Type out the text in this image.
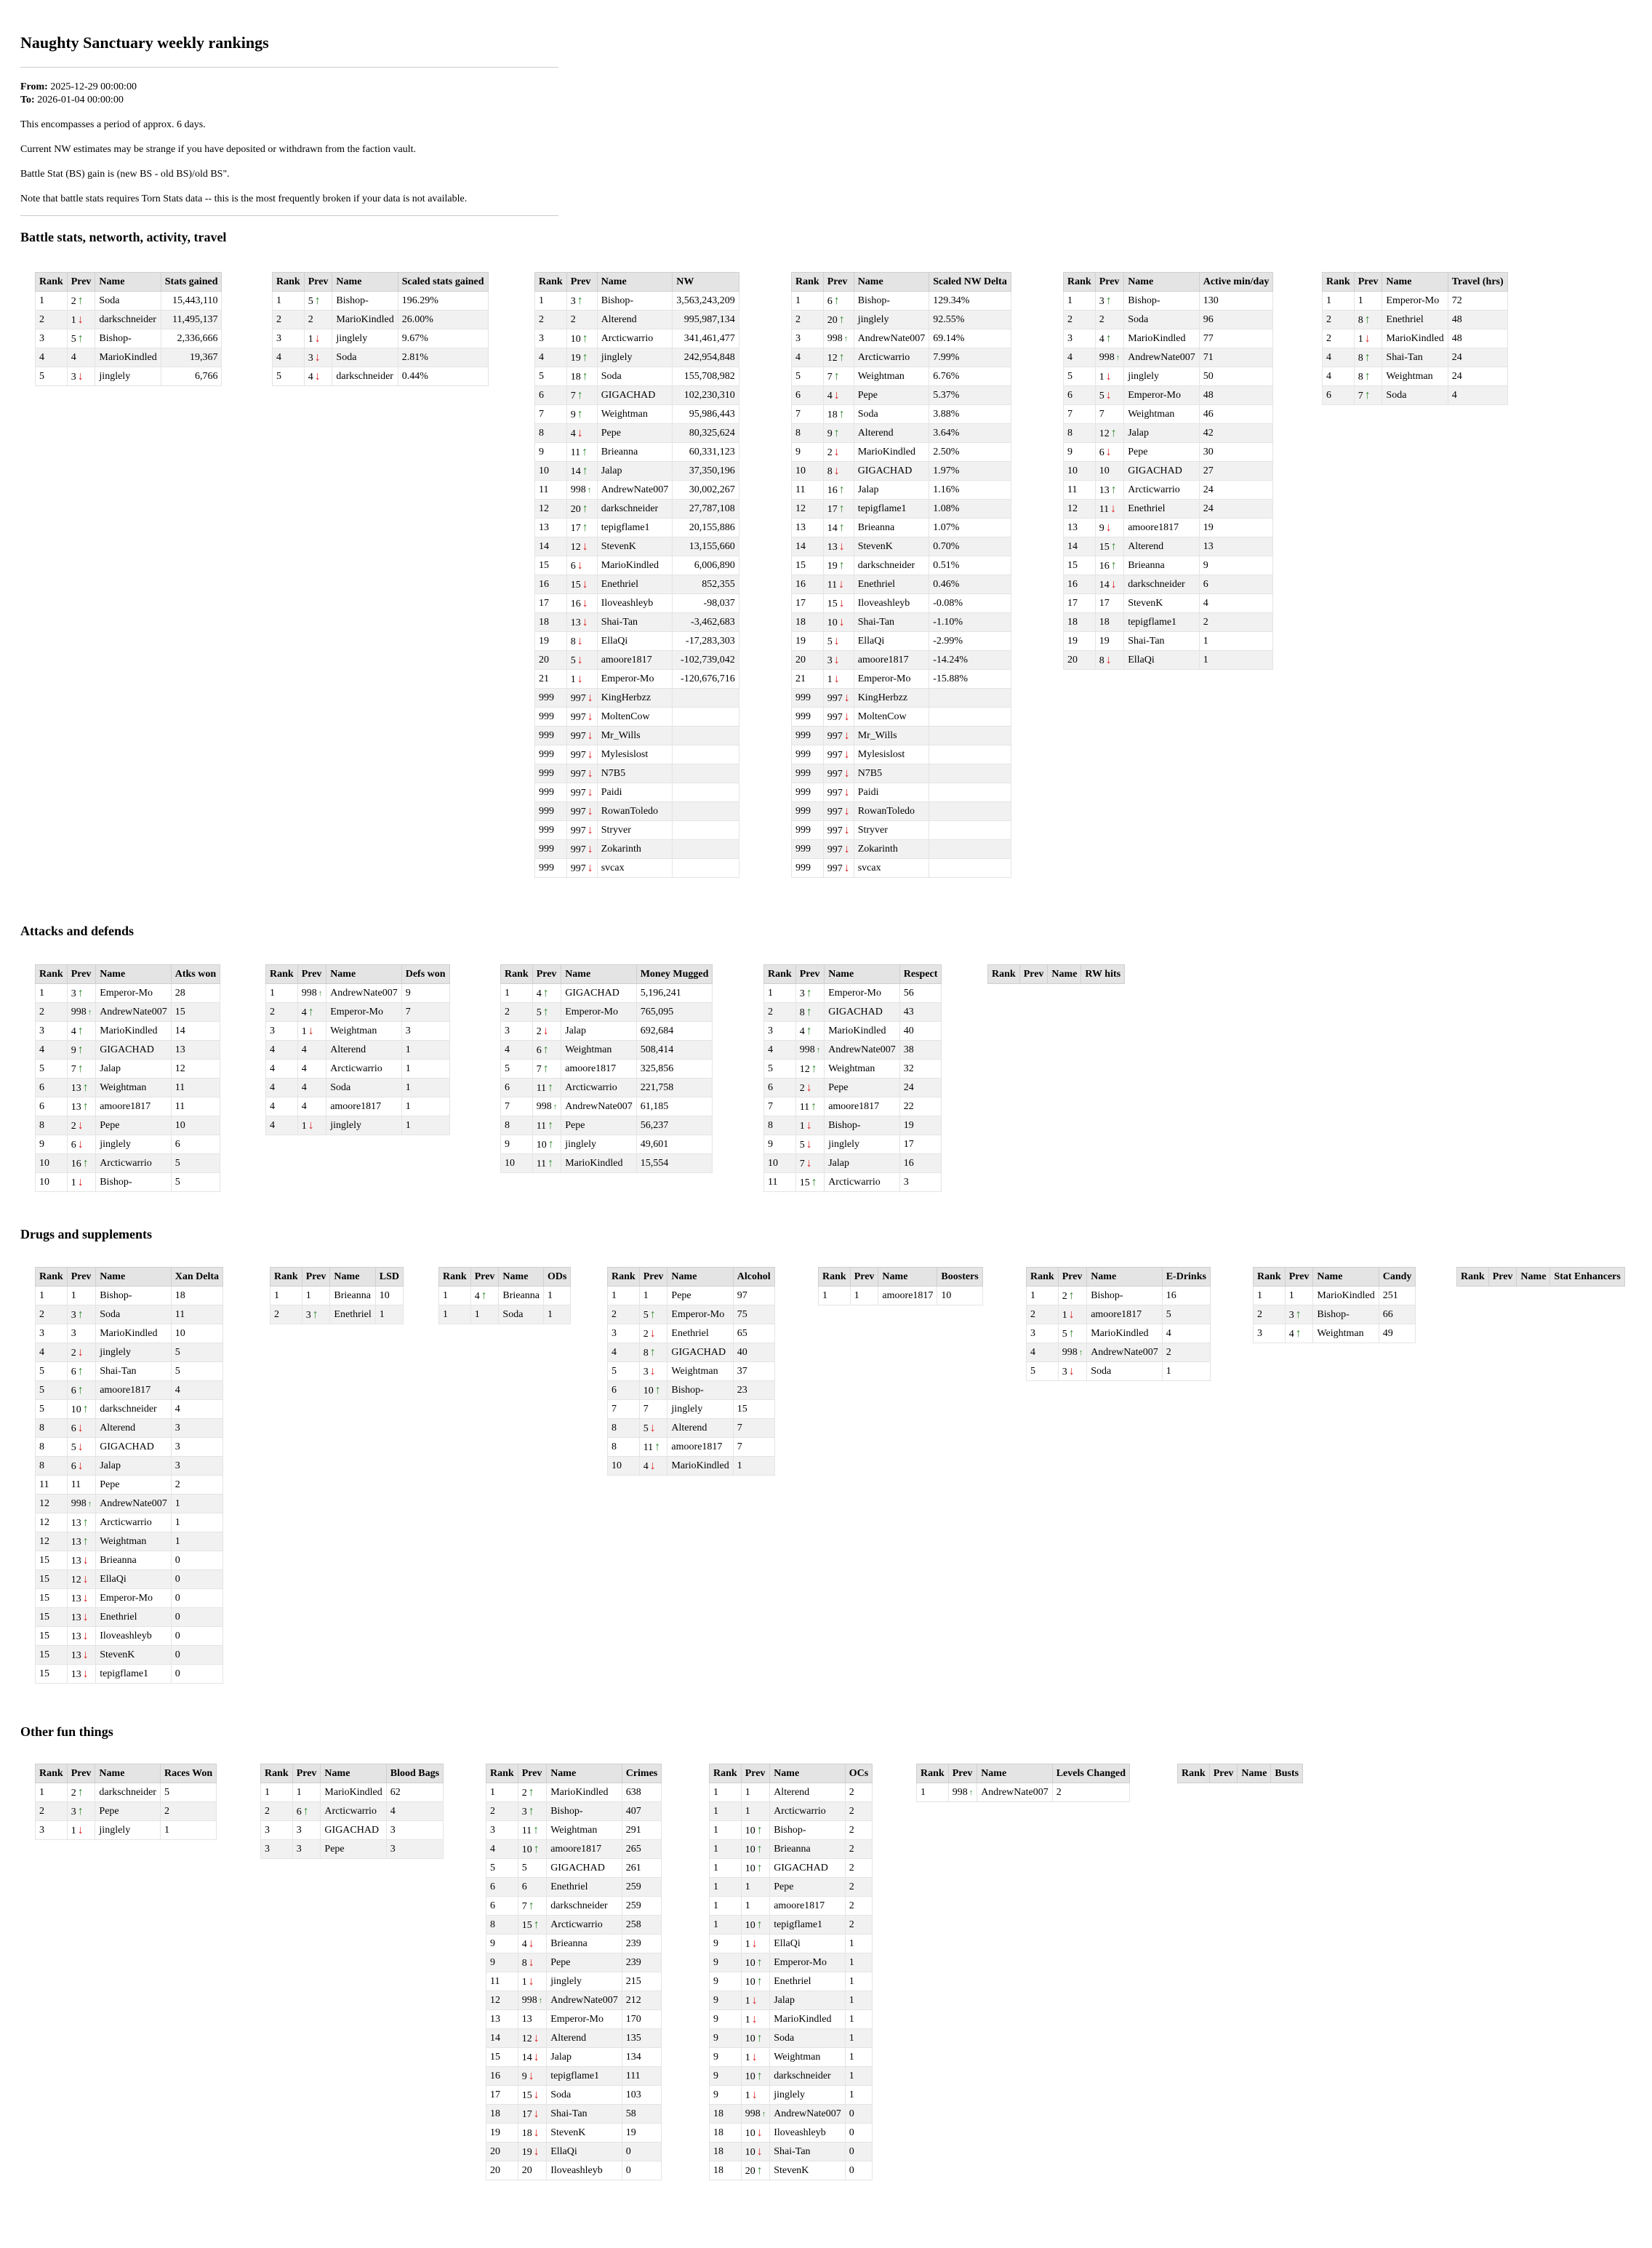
Naughty Sanctuary weekly rankings

From: 2025-12-29 00:00:00

To: 2026-01-04 00:00:00

This encompasses a period of approx. 6 days.

Current NW estimates may be strange if you have deposited or withdrawn from the faction vault.

Battle Stat (BS) gain is (new BS - old BS)/old BS".

Note that battle stats requires Torn Stats data -- this is the most frequently broken if your data is not available.

Battle stats, networth, activity, travel
Attacks and defends
Drugs and supplements
Other fun things
Rank	Prev	Name	Stats gained
1	2 ↑	Soda	15,443,110
2	1 ↓	darkschneider	11,495,137
3	5 ↑	Bishop-	2,336,666
4	4	MarioKindled	19,367
5	3 ↓	jinglely	6,766
Rank	Prev	Name	Scaled stats gained
1	5 ↑	Bishop-	196.29%
2	2	MarioKindled	26.00%
3	1 ↓	jinglely	9.67%
4	3 ↓	Soda	2.81%
5	4 ↓	darkschneider	0.44%
Rank	Prev	Name	NW
1	3 ↑	Bishop-	3,563,243,209
2	2	Alterend	995,987,134
3	10 ↑	Arcticwarrio	341,461,477
4	19 ↑	jinglely	242,954,848
5	18 ↑	Soda	155,708,982
6	7 ↑	GIGACHAD	102,230,310
7	9 ↑	Weightman	95,986,443
8	4 ↓	Pepe	80,325,624
9	11 ↑	Brieanna	60,331,123
10	14 ↑	Jalap	37,350,196
11	998 ↑	AndrewNate007	30,002,267
12	20 ↑	darkschneider	27,787,108
13	17 ↑	tepigflame1	20,155,886
14	12 ↓	StevenK	13,155,660
15	6 ↓	MarioKindled	6,006,890
16	15 ↓	Enethriel	852,355
17	16 ↓	Iloveashleyb	-98,037
18	13 ↓	Shai-Tan	-3,462,683
19	8 ↓	EllaQi	-17,283,303
20	5 ↓	amoore1817	-102,739,042
21	1 ↓	Emperor-Mo	-120,676,716
999	997 ↓	KingHerbzz	
999	997 ↓	MoltenCow	
999	997 ↓	Mr_Wills	
999	997 ↓	Mylesislost	
999	997 ↓	N7B5	
999	997 ↓	Paidi	
999	997 ↓	RowanToledo	
999	997 ↓	Stryver	
999	997 ↓	Zokarinth	
999	997 ↓	svcax	
Rank	Prev	Name	Scaled NW Delta
1	6 ↑	Bishop-	129.34%
2	20 ↑	jinglely	92.55%
3	998 ↑	AndrewNate007	69.14%
4	12 ↑	Arcticwarrio	7.99%
5	7 ↑	Weightman	6.76%
6	4 ↓	Pepe	5.37%
7	18 ↑	Soda	3.88%
8	9 ↑	Alterend	3.64%
9	2 ↓	MarioKindled	2.50%
10	8 ↓	GIGACHAD	1.97%
11	16 ↑	Jalap	1.16%
12	17 ↑	tepigflame1	1.08%
13	14 ↑	Brieanna	1.07%
14	13 ↓	StevenK	0.70%
15	19 ↑	darkschneider	0.51%
16	11 ↓	Enethriel	0.46%
17	15 ↓	Iloveashleyb	-0.08%
18	10 ↓	Shai-Tan	-1.10%
19	5 ↓	EllaQi	-2.99%
20	3 ↓	amoore1817	-14.24%
21	1 ↓	Emperor-Mo	-15.88%
999	997 ↓	KingHerbzz	
999	997 ↓	MoltenCow	
999	997 ↓	Mr_Wills	
999	997 ↓	Mylesislost	
999	997 ↓	N7B5	
999	997 ↓	Paidi	
999	997 ↓	RowanToledo	
999	997 ↓	Stryver	
999	997 ↓	Zokarinth	
999	997 ↓	svcax	
Rank	Prev	Name	Active min/day
1	3 ↑	Bishop-	130
2	2	Soda	96
3	4 ↑	MarioKindled	77
4	998 ↑	AndrewNate007	71
5	1 ↓	jinglely	50
6	5 ↓	Emperor-Mo	48
7	7	Weightman	46
8	12 ↑	Jalap	42
9	6 ↓	Pepe	30
10	10	GIGACHAD	27
11	13 ↑	Arcticwarrio	24
12	11 ↓	Enethriel	24
13	9 ↓	amoore1817	19
14	15 ↑	Alterend	13
15	16 ↑	Brieanna	9
16	14 ↓	darkschneider	6
17	17	StevenK	4
18	18	tepigflame1	2
19	19	Shai-Tan	1
20	8 ↓	EllaQi	1
Rank	Prev	Name	Travel (hrs)
1	1	Emperor-Mo	72
2	8 ↑	Enethriel	48
2	1 ↓	MarioKindled	48
4	8 ↑	Shai-Tan	24
4	8 ↑	Weightman	24
6	7 ↑	Soda	4
Rank	Prev	Name	Atks won
1	3 ↑	Emperor-Mo	28
2	998 ↑	AndrewNate007	15
3	4 ↑	MarioKindled	14
4	9 ↑	GIGACHAD	13
5	7 ↑	Jalap	12
6	13 ↑	Weightman	11
6	13 ↑	amoore1817	11
8	2 ↓	Pepe	10
9	6 ↓	jinglely	6
10	16 ↑	Arcticwarrio	5
10	1 ↓	Bishop-	5
Rank	Prev	Name	Defs won
1	998 ↑	AndrewNate007	9
2	4 ↑	Emperor-Mo	7
3	1 ↓	Weightman	3
4	4	Alterend	1
4	4	Arcticwarrio	1
4	4	Soda	1
4	4	amoore1817	1
4	1 ↓	jinglely	1
Rank	Prev	Name	Money Mugged
1	4 ↑	GIGACHAD	5,196,241
2	5 ↑	Emperor-Mo	765,095
3	2 ↓	Jalap	692,684
4	6 ↑	Weightman	508,414
5	7 ↑	amoore1817	325,856
6	11 ↑	Arcticwarrio	221,758
7	998 ↑	AndrewNate007	61,185
8	11 ↑	Pepe	56,237
9	10 ↑	jinglely	49,601
10	11 ↑	MarioKindled	15,554
Rank	Prev	Name	Respect
1	3 ↑	Emperor-Mo	56
2	8 ↑	GIGACHAD	43
3	4 ↑	MarioKindled	40
4	998 ↑	AndrewNate007	38
5	12 ↑	Weightman	32
6	2 ↓	Pepe	24
7	11 ↑	amoore1817	22
8	1 ↓	Bishop-	19
9	5 ↓	jinglely	17
10	7 ↓	Jalap	16
11	15 ↑	Arcticwarrio	3
Rank	Prev	Name	RW hits
Rank	Prev	Name	Xan Delta
1	1	Bishop-	18
2	3 ↑	Soda	11
3	3	MarioKindled	10
4	2 ↓	jinglely	5
5	6 ↑	Shai-Tan	5
5	6 ↑	amoore1817	4
5	10 ↑	darkschneider	4
8	6 ↓	Alterend	3
8	5 ↓	GIGACHAD	3
8	6 ↓	Jalap	3
11	11	Pepe	2
12	998 ↑	AndrewNate007	1
12	13 ↑	Arcticwarrio	1
12	13 ↑	Weightman	1
15	13 ↓	Brieanna	0
15	12 ↓	EllaQi	0
15	13 ↓	Emperor-Mo	0
15	13 ↓	Enethriel	0
15	13 ↓	Iloveashleyb	0
15	13 ↓	StevenK	0
15	13 ↓	tepigflame1	0
Rank	Prev	Name	LSD
1	1	Brieanna	10
2	3 ↑	Enethriel	1
Rank	Prev	Name	ODs
1	4 ↑	Brieanna	1
1	1	Soda	1
Rank	Prev	Name	Alcohol
1	1	Pepe	97
2	5 ↑	Emperor-Mo	75
3	2 ↓	Enethriel	65
4	8 ↑	GIGACHAD	40
5	3 ↓	Weightman	37
6	10 ↑	Bishop-	23
7	7	jinglely	15
8	5 ↓	Alterend	7
8	11 ↑	amoore1817	7
10	4 ↓	MarioKindled	1
Rank	Prev	Name	Boosters
1	1	amoore1817	10
Rank	Prev	Name	E-Drinks
1	2 ↑	Bishop-	16
2	1 ↓	amoore1817	5
3	5 ↑	MarioKindled	4
4	998 ↑	AndrewNate007	2
5	3 ↓	Soda	1
Rank	Prev	Name	Candy
1	1	MarioKindled	251
2	3 ↑	Bishop-	66
3	4 ↑	Weightman	49
Rank	Prev	Name	Stat Enhancers
Rank	Prev	Name	Races Won
1	2 ↑	darkschneider	5
2	3 ↑	Pepe	2
3	1 ↓	jinglely	1
Rank	Prev	Name	Blood Bags
1	1	MarioKindled	62
2	6 ↑	Arcticwarrio	4
3	3	GIGACHAD	3
3	3	Pepe	3
Rank	Prev	Name	Crimes
1	2 ↑	MarioKindled	638
2	3 ↑	Bishop-	407
3	11 ↑	Weightman	291
4	10 ↑	amoore1817	265
5	5	GIGACHAD	261
6	6	Enethriel	259
6	7 ↑	darkschneider	259
8	15 ↑	Arcticwarrio	258
9	4 ↓	Brieanna	239
9	8 ↓	Pepe	239
11	1 ↓	jinglely	215
12	998 ↑	AndrewNate007	212
13	13	Emperor-Mo	170
14	12 ↓	Alterend	135
15	14 ↓	Jalap	134
16	9 ↓	tepigflame1	111
17	15 ↓	Soda	103
18	17 ↓	Shai-Tan	58
19	18 ↓	StevenK	19
20	19 ↓	EllaQi	0
20	20	Iloveashleyb	0
Rank	Prev	Name	OCs
1	1	Alterend	2
1	1	Arcticwarrio	2
1	10 ↑	Bishop-	2
1	10 ↑	Brieanna	2
1	10 ↑	GIGACHAD	2
1	1	Pepe	2
1	1	amoore1817	2
1	10 ↑	tepigflame1	2
9	1 ↓	EllaQi	1
9	10 ↑	Emperor-Mo	1
9	10 ↑	Enethriel	1
9	1 ↓	Jalap	1
9	1 ↓	MarioKindled	1
9	10 ↑	Soda	1
9	1 ↓	Weightman	1
9	10 ↑	darkschneider	1
9	1 ↓	jinglely	1
18	998 ↑	AndrewNate007	0
18	10 ↓	Iloveashleyb	0
18	10 ↓	Shai-Tan	0
18	20 ↑	StevenK	0
Rank	Prev	Name	Levels Changed
1	998 ↑	AndrewNate007	2
Rank	Prev	Name	Busts
